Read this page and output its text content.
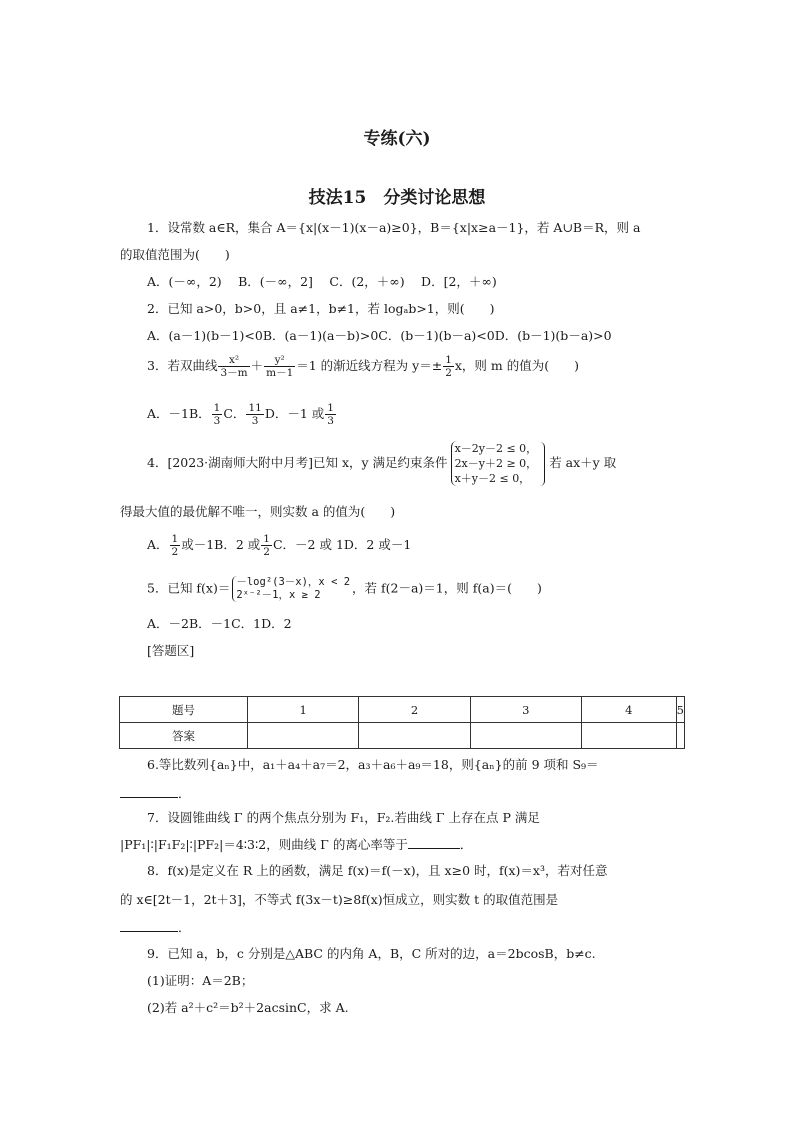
专练(六)
技法15　分类讨论思想
1．设常数 a∈R，集合 A＝{x|(x－1)(x－a)≥0}，B＝{x|x≥a－1}，若 A∪B＝R，则 a
的取值范围为(　　)
A．(－∞，2)　 B．(－∞，2]　 C．(2，＋∞)　 D．[2，＋∞)
2．已知 a>0，b>0，且 a≠1，b≠1，若 logₐb>1，则(　　)
A．(a－1)(b－1)<0B．(a－1)(a－b)>0C．(b－1)(b－a)<0D．(b－1)(b－a)>0
3．若双曲线 $\frac{\text{x²}}{3-m} + \frac{\text{y²}}{m-1} =1$ 的渐近线方程为 $y=\pm \frac{1}{2}$ x，则 m 的值为(　　)
A．－1B． $\frac{1}{3}$ C． $\frac{11}{3}$ D．－1 或 $\frac{1}{3}$
4．[2023·湖南师大附中月考]已知 x，y 满足约束条件
x－2y－2 ≤ 0，
2x－y＋2 ≥ 0，
x＋y－2 ≤ 0，
若 ax＋y 取
得最大值的最优解不唯一，则实数 a 的值为(　　)
A． $\frac{1}{2}$ 或－1B．2 或 $\frac{1}{2}$ C．－2 或 1D．2 或－1
5．已知 f(x)＝ －log²(3－x)，x < 2
2ˣ⁻²－1，x ≥ 2	，若 f(2－a)＝1，则 f(a)＝(　　)
A．－2B．－1C．1D．2
[答题区]
题号	1	2	3	4	5
答案					
6.等比数列{aₙ}中，a₁＋a₄＋a₇＝2，a₃＋a₆＋a₉＝18，则{aₙ}的前 9 项和 S₉＝
．
7．设圆锥曲线 Γ 的两个焦点分别为 F₁，F₂.若曲线 Γ 上存在点 P 满足
|PF₁|∶|F₁F₂|∶|PF₂|＝4∶3∶2，则曲线 Γ 的离心率等于	．
8．f(x)是定义在 R 上的函数，满足 f(x)＝f(－x)，且 x≥0 时，f(x)＝x³，若对任意
的 x∈[2t－1，2t＋3]，不等式 f(3x－t)≥8f(x)恒成立，则实数 t 的取值范围是
．
9．已知 a，b，c 分别是△ABC 的内角 A，B，C 所对的边，a＝2bcosB，b≠c.
(1)证明：A＝2B；
(2)若 a²＋c²＝b²＋2acsinC，求 A.
